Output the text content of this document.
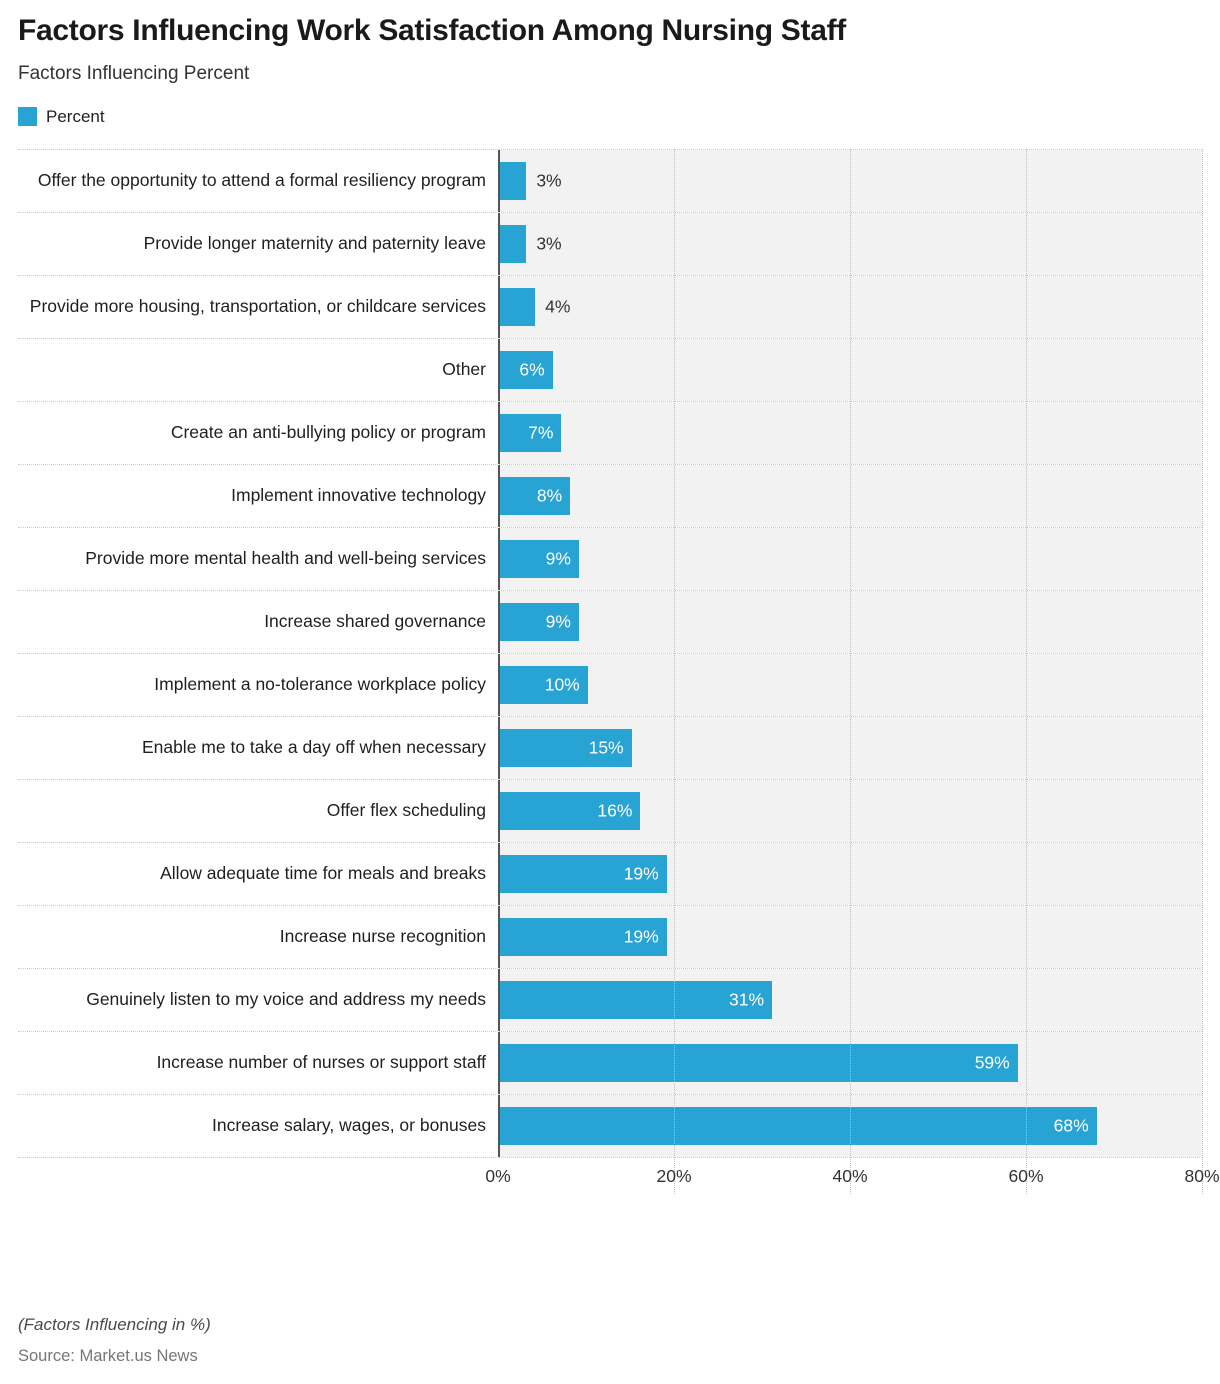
Factors Influencing Work Satisfaction Among Nursing Staff
Factors Influencing Percent
Percent
Offer the opportunity to attend a formal resiliency program	3%
Provide longer maternity and paternity leave	3%
Provide more housing, transportation, or childcare services	4%
Other	6%
Create an anti-bullying policy or program	7%
Implement innovative technology	8%
Provide more mental health and well-being services	9%
Increase shared governance	9%
Implement a no-tolerance workplace policy	10%
Enable me to take a day off when necessary	15%
Offer flex scheduling	16%
Allow adequate time for meals and breaks	19%
Increase nurse recognition	19%
Genuinely listen to my voice and address my needs	31%
Increase number of nurses or support staff	59%
Increase salary, wages, or bonuses	68%
0%	20%	40%	60%	80%
(Factors Influencing in %)
Source: Market.us News
